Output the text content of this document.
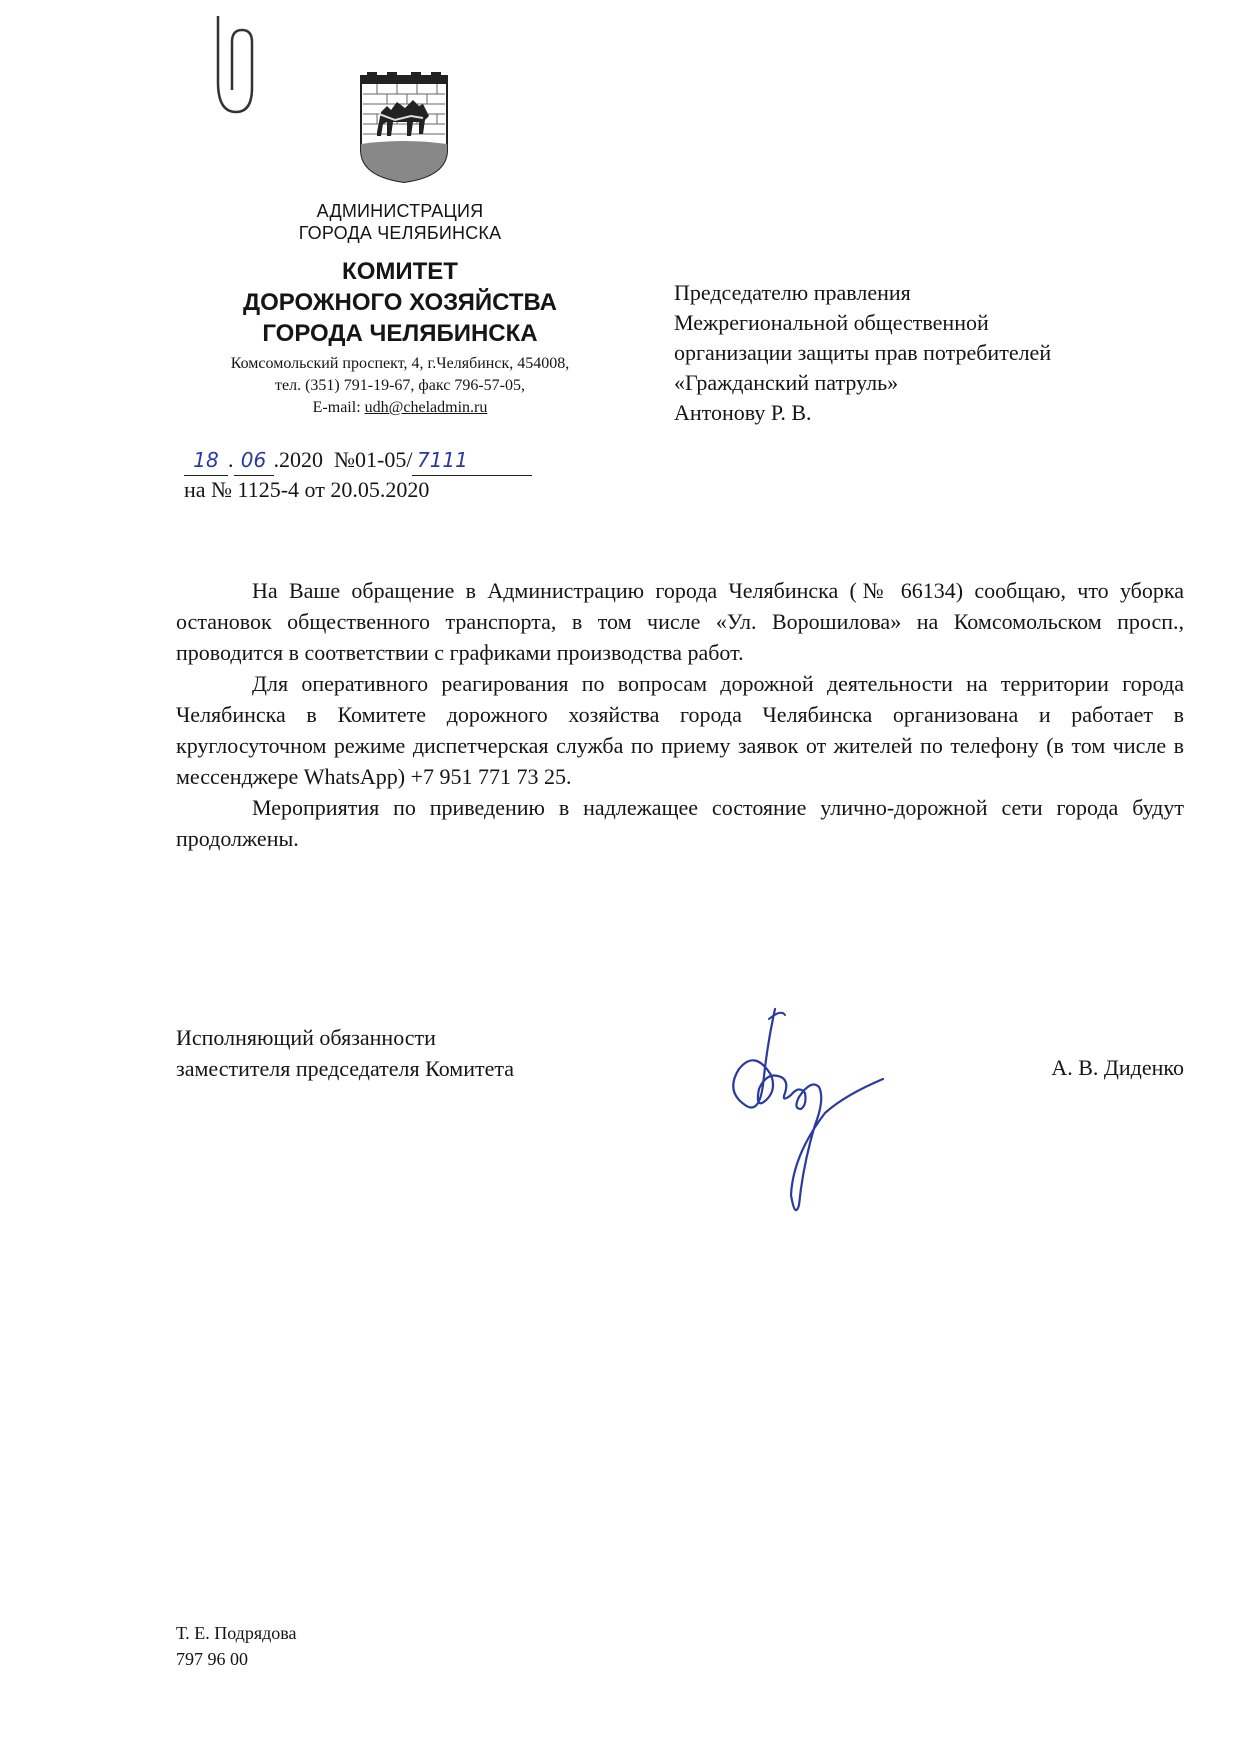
АДМИНИСТРАЦИЯ
ГОРОДА ЧЕЛЯБИНСКА
КОМИТЕТ
ДОРОЖНОГО ХОЗЯЙСТВА
ГОРОДА ЧЕЛЯБИНСКА
Комсомольский проспект, 4, г.Челябинск, 454008,
тел. (351) 791-19-67, факс 796-57-05,
E-mail: udh@cheladmin.ru
18 . 06 .2020 №01-05/ 7111
на № 1125-4 от 20.05.2020
Председателю правления
Межрегиональной общественной
организации защиты прав потребителей
«Гражданский патруль»
Антонову Р. В.

На Ваше обращение в Администрацию города Челябинска (№ 66134) сообщаю, что уборка остановок общественного транспорта, в том числе «Ул. Ворошилова» на Комсомольском просп., проводится в соответствии с графиками производства работ.

Для оперативного реагирования по вопросам дорожной деятельности на территории города Челябинска в Комитете дорожного хозяйства города Челябинска организована и работает в круглосуточном режиме диспетчерская служба по приему заявок от жителей по телефону (в том числе в мессенджере WhatsApp) +7 951 771 73 25.

Мероприятия по приведению в надлежащее состояние улично-дорожной сети города будут продолжены.

Исполняющий обязанности
заместителя председателя Комитета	А. В. Диденко
Т. Е. Подрядова
797 96 00
